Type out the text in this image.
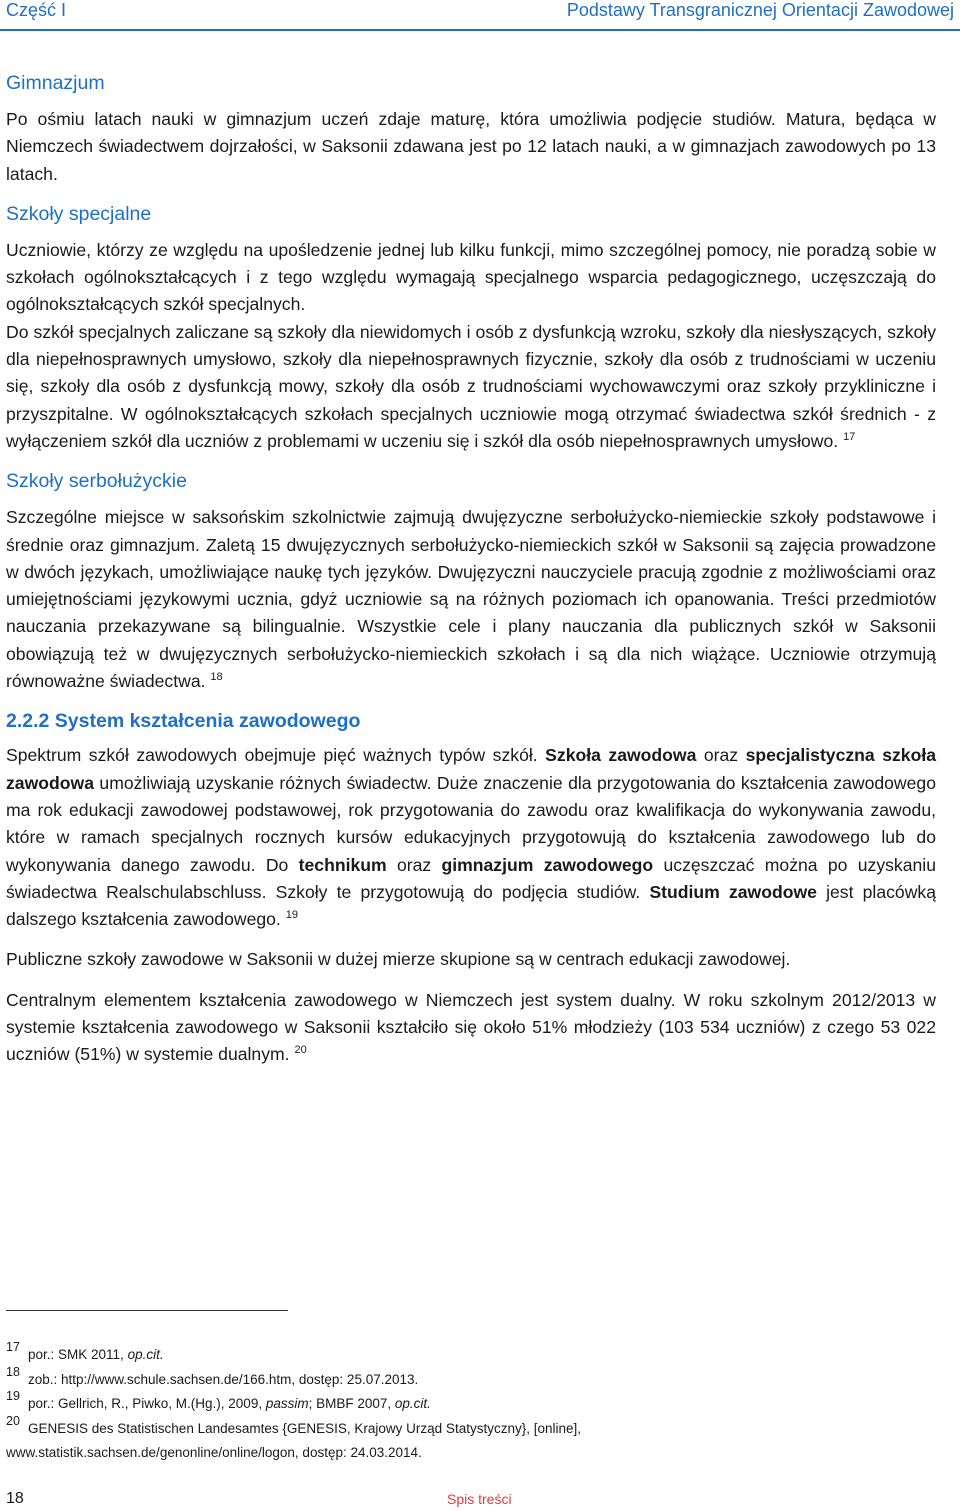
Część I	Podstawy Transgranicznej Orientacji Zawodowej
Gimnazjum

Po ośmiu latach nauki w gimnazjum uczeń zdaje maturę, która umożliwia podjęcie studiów. Matura, będąca w Niemczech świadectwem dojrzałości, w Saksonii zdawana jest po 12 latach nauki, a w gimnazjach zawodowych po 13 latach.

Szkoły specjalne

Uczniowie, którzy ze względu na upośledzenie jednej lub kilku funkcji, mimo szczególnej pomocy, nie poradzą sobie w szkołach ogólnokształcących i z tego względu wymagają specjalnego wsparcia pedagogicznego, uczęszczają do ogólnokształcących szkół specjalnych.

Do szkół specjalnych zaliczane są szkoły dla niewidomych i osób z dysfunkcją wzroku, szkoły dla niesłyszących, szkoły dla niepełnosprawnych umysłowo, szkoły dla niepełnosprawnych fizycznie, szkoły dla osób z trudnościami w uczeniu się, szkoły dla osób z dysfunkcją mowy, szkoły dla osób z trudnościami wychowawczymi oraz szkoły przykliniczne i przyszpitalne. W ogólnokształcących szkołach specjalnych uczniowie mogą otrzymać świadectwa szkół średnich - z wyłączeniem szkół dla uczniów z problemami w uczeniu się i szkół dla osób niepełnosprawnych umysłowo. $^{17}$

Szkoły serbołużyckie

Szczególne miejsce w saksońskim szkolnictwie zajmują dwujęzyczne serbołużycko-niemieckie szkoły podstawowe i średnie oraz gimnazjum. Zaletą 15 dwujęzycznych serbołużycko-niemieckich szkół w Saksonii są zajęcia prowadzone w dwóch językach, umożliwiające naukę tych języków. Dwujęzyczni nauczyciele pracują zgodnie z możliwościami oraz umiejętnościami językowymi ucznia, gdyż uczniowie są na różnych poziomach ich opanowania. Treści przedmiotów nauczania przekazywane są bilingualnie. Wszystkie cele i plany nauczania dla publicznych szkół w Saksonii obowiązują też w dwujęzycznych serbołużycko-niemieckich szkołach i są dla nich wiążące. Uczniowie otrzymują równoważne świadectwa. $^{18}$

2.2.2 System kształcenia zawodowego

Spektrum szkół zawodowych obejmuje pięć ważnych typów szkół. Szkoła zawodowa oraz specjalistyczna szkoła zawodowa umożliwiają uzyskanie różnych świadectw. Duże znaczenie dla przygotowania do kształcenia zawodowego ma rok edukacji zawodowej podstawowej, rok przygotowania do zawodu oraz kwalifikacja do wykonywania zawodu, które w ramach specjalnych rocznych kursów edukacyjnych przygotowują do kształcenia zawodowego lub do wykonywania danego zawodu. Do technikum oraz gimnazjum zawodowego uczęszczać można po uzyskaniu świadectwa Realschulabschluss. Szkoły te przygotowują do podjęcia studiów. Studium zawodowe jest placówką dalszego kształcenia zawodowego. $^{19}$

Publiczne szkoły zawodowe w Saksonii w dużej mierze skupione są w centrach edukacji zawodowej.

Centralnym elementem kształcenia zawodowego w Niemczech jest system dualny. W roku szkolnym 2012/2013 w systemie kształcenia zawodowego w Saksonii kształciło się około 51% młodzieży (103 534 uczniów) z czego 53 022 uczniów (51%) w systemie dualnym. $^{20}$

17 por.: SMK 2011, op.cit.
18 zob.: http://www.schule.sachsen.de/166.htm, dostęp: 25.07.2013.
19 por.: Gellrich, R., Piwko, M.(Hg.), 2009, passim; BMBF 2007, op.cit.
20 GENESIS des Statistischen Landesamtes {GENESIS, Krajowy Urząd Statystyczny}, [online],
www.statistik.sachsen.de/genonline/online/logon, dostęp: 24.03.2014.
18	Spis treści
